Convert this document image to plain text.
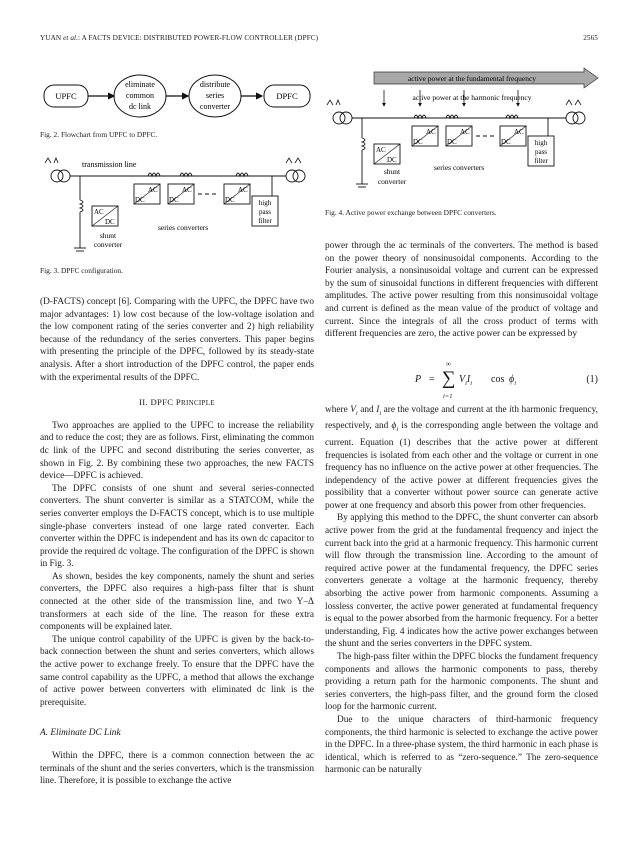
YUAN et al.: A FACTS DEVICE: DISTRIBUTED POWER-FLOW CONTROLLER (DPFC)	2565
UPFC
eliminate
common
dc link
distribute
series
converter
DPFC
Fig. 2. Flowchart from UPFC to DPFC.
transmission line
AC
DC
AC
DC
AC
DC
series converters
AC
DC
shunt
converter
high
pass
filter
Fig. 3. DPFC configuration.

(D-FACTS) concept [6]. Comparing with the UPFC, the DPFC have two major advantages: 1) low cost because of the low-voltage isolation and the low component rating of the series converter and 2) high reliability because of the redundancy of the series converters. This paper begins with presenting the principle of the DPFC, followed by its steady-state analysis. After a short introduction of the DPFC control, the paper ends with the experimental results of the DPFC.

II. DPFC PRINCIPLE

Two approaches are applied to the UPFC to increase the reliability and to reduce the cost; they are as follows. First, eliminating the common dc link of the UPFC and second distributing the series converter, as shown in Fig. 2. By combining these two approaches, the new FACTS device—DPFC is achieved.

The DPFC consists of one shunt and several series-connected converters. The shunt converter is similar as a STATCOM, while the series converter employs the D-FACTS concept, which is to use multiple single-phase converters instead of one large rated converter. Each converter within the DPFC is independent and has its own dc capacitor to provide the required dc voltage. The configuration of the DPFC is shown in Fig. 3.

As shown, besides the key components, namely the shunt and series converters, the DPFC also requires a high-pass filter that is shunt connected at the other side of the transmission line, and two Y–Δ transformers at each side of the line. The reason for these extra components will be explained later.

The unique control capability of the UPFC is given by the back-to-back connection between the shunt and series converters, which allows the active power to exchange freely. To ensure that the DPFC have the same control capability as the UPFC, a method that allows the exchange of active power between converters with eliminated dc link is the prerequisite.

A. Eliminate DC Link

Within the DPFC, there is a common connection between the ac terminals of the shunt and the series converters, which is the transmission line. Therefore, it is possible to exchange the active

active power at the fundamental frequency
active power at the harmonic frequency
AC
DC
AC
DC
AC
DC
series converters
AC
DC
shunt
converter
high
pass
filter
Fig. 4. Active power exchange between DPFC converters.

power through the ac terminals of the converters. The method is based on the power theory of nonsinusoidal components. According to the Fourier analysis, a nonsinusoidal voltage and current can be expressed by the sum of sinusoidal functions in different frequencies with different amplitudes. The active power resulting from this nonsinusoidal voltage and current is defined as the mean value of the product of voltage and current. Since the integrals of all the cross product of terms with different frequencies are zero, the active power can be expressed by

P =
∞
∑
i=1
$V_iI_i$ $\cos \phi_i$	(1)

where $V_i$ and $I_i$ are the voltage and current at the ith harmonic frequency, respectively, and $\phi_i$ is the corresponding angle between the voltage and current. Equation (1) describes that the active power at different frequencies is isolated from each other and the voltage or current in one frequency has no influence on the active power at other frequencies. The independency of the active power at different frequencies gives the possibility that a converter without power source can generate active power at one frequency and absorb this power from other frequencies.

By applying this method to the DPFC, the shunt converter can absorb active power from the grid at the fundamental frequency and inject the current back into the grid at a harmonic frequency. This harmonic current will flow through the transmission line. According to the amount of required active power at the fundamental frequency, the DPFC series converters generate a voltage at the harmonic frequency, thereby absorbing the active power from harmonic components. Assuming a lossless converter, the active power generated at fundamental frequency is equal to the power absorbed from the harmonic frequency. For a better understanding, Fig. 4 indicates how the active power exchanges between the shunt and the series converters in the DPFC system.

The high-pass filter within the DPFC blocks the fundament frequency components and allows the harmonic components to pass, thereby providing a return path for the harmonic components. The shunt and series converters, the high-pass filter, and the ground form the closed loop for the harmonic current.

Due to the unique characters of third-harmonic frequency components, the third harmonic is selected to exchange the active power in the DPFC. In a three-phase system, the third harmonic in each phase is identical, which is referred to as “zero-sequence.” The zero-sequence harmonic can be naturally
